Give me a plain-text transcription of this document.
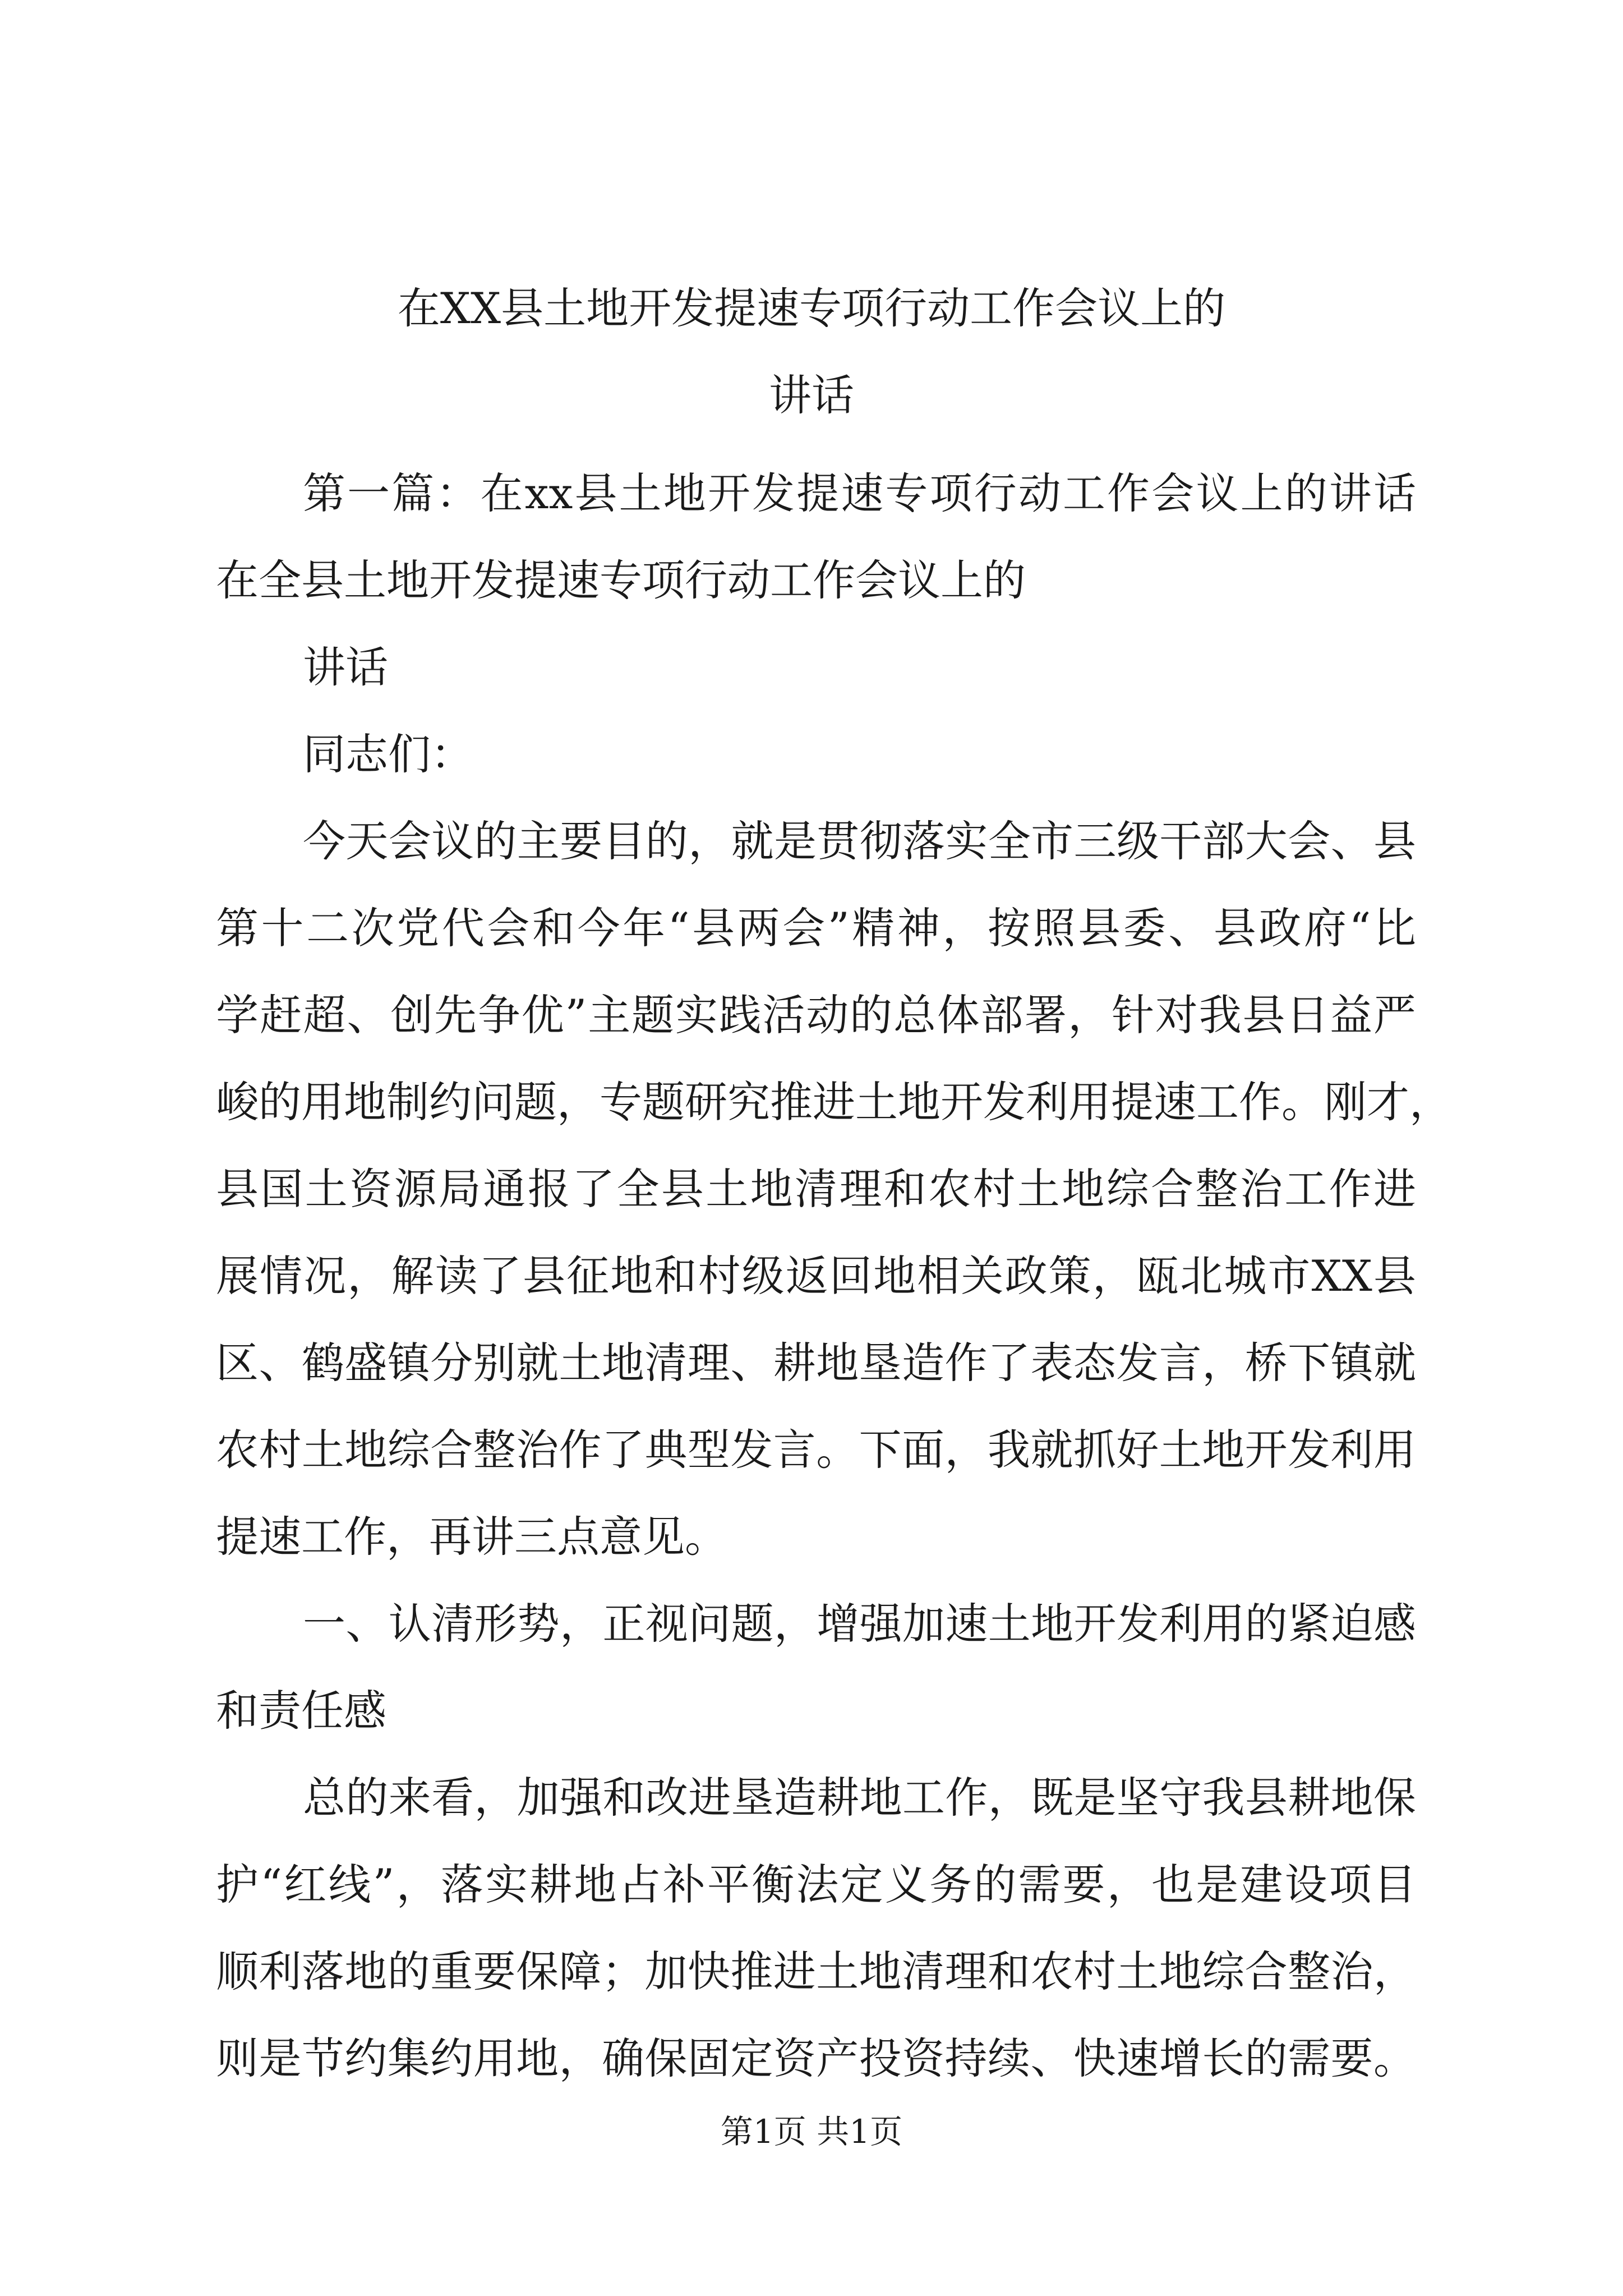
在XX县土地开发提速专项行动工作会议上的
讲话
第一篇：在xx县土地开发提速专项行动工作会议上的讲话
在全县土地开发提速专项行动工作会议上的
讲话
同志们：
今天会议的主要目的，就是贯彻落实全市三级干部大会、县
第十二次党代会和今年“县两会”精神，按照县委、县政府“比
学赶超、创先争优”主题实践活动的总体部署，针对我县日益严
峻的用地制约问题，专题研究推进土地开发利用提速工作。刚才，
县国土资源局通报了全县土地清理和农村土地综合整治工作进
展情况，解读了县征地和村级返回地相关政策，瓯北城市XX县
区、鹤盛镇分别就土地清理、耕地垦造作了表态发言，桥下镇就
农村土地综合整治作了典型发言。下面，我就抓好土地开发利用
提速工作，再讲三点意见。
一、认清形势，正视问题，增强加速土地开发利用的紧迫感
和责任感
总的来看，加强和改进垦造耕地工作，既是坚守我县耕地保
护“红线”，落实耕地占补平衡法定义务的需要，也是建设项目
顺利落地的重要保障；加快推进土地清理和农村土地综合整治，
则是节约集约用地，确保固定资产投资持续、快速增长的需要。
第1页 共1页
